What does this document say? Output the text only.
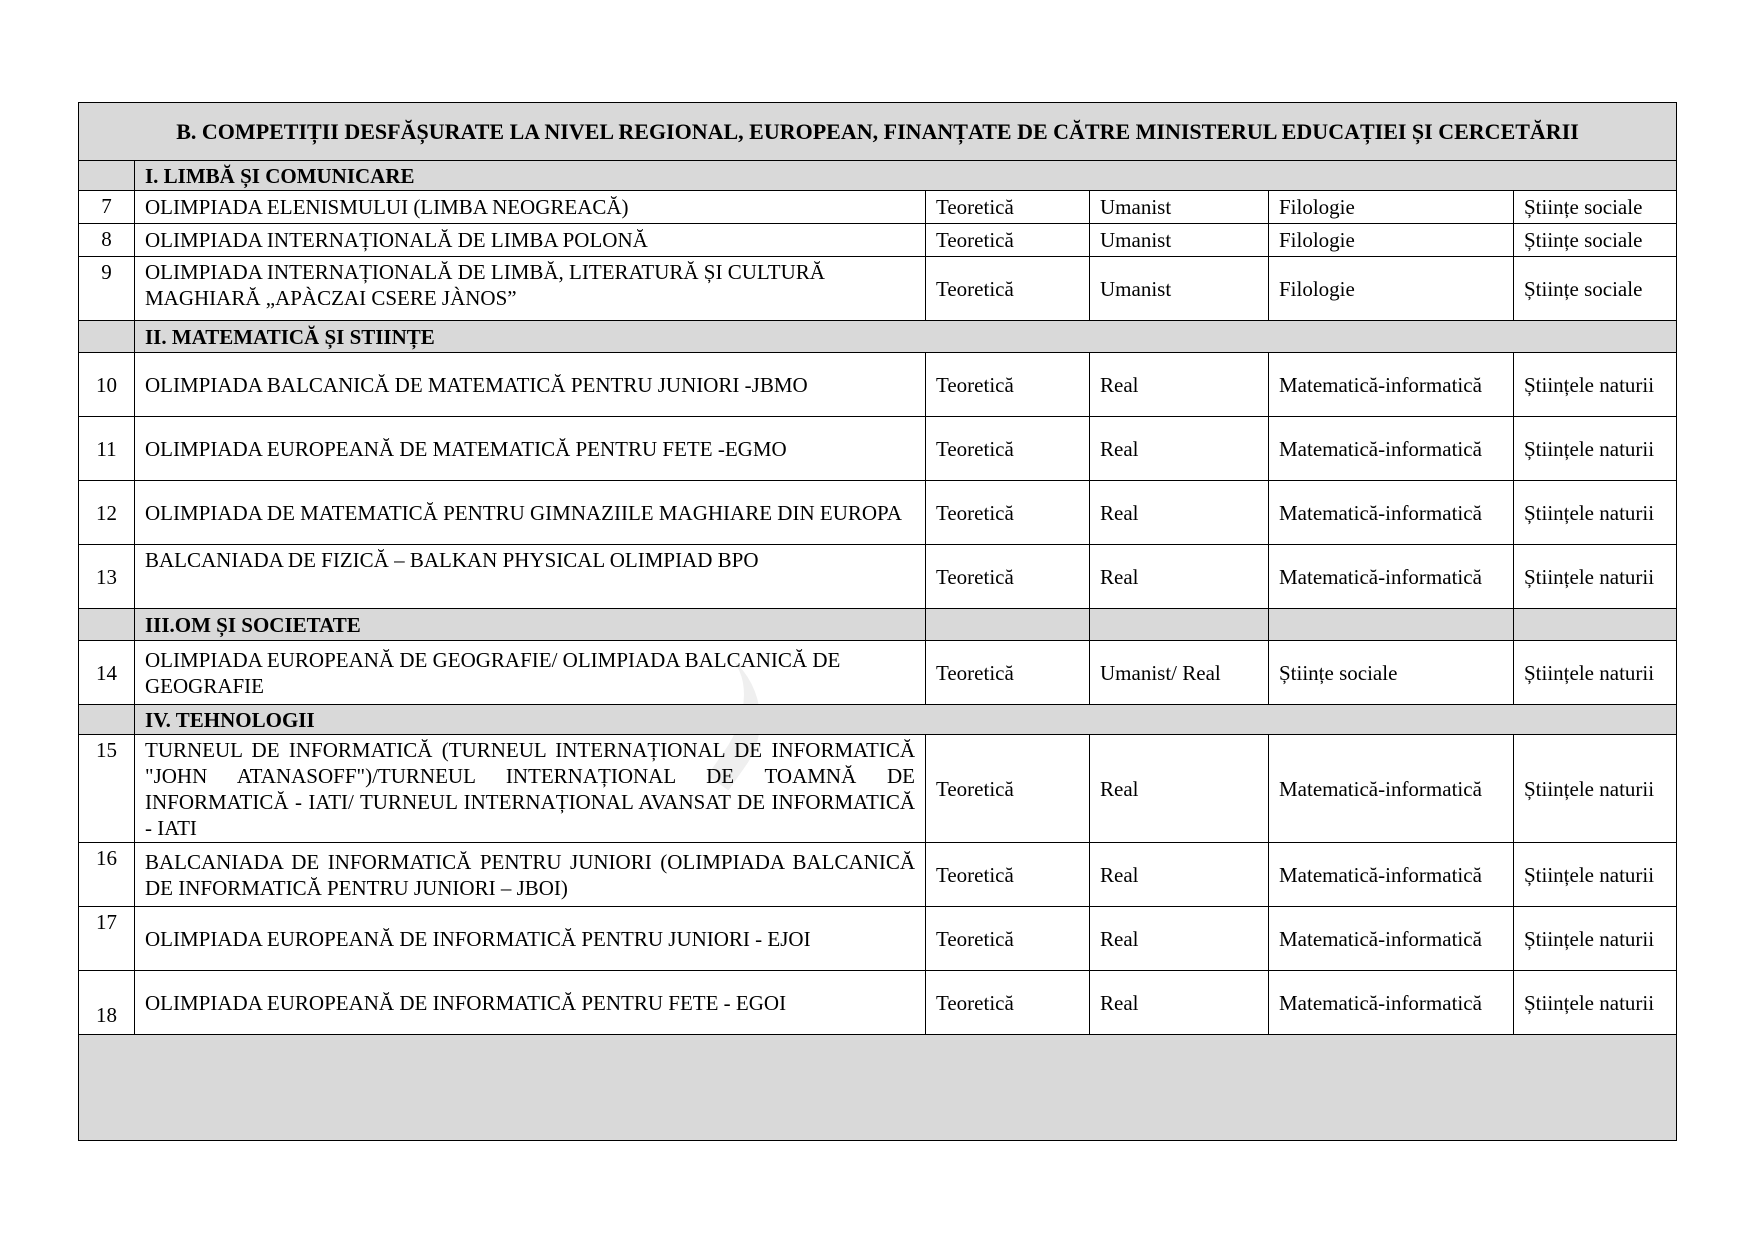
B. COMPETIȚII DESFĂȘURATE LA NIVEL REGIONAL, EUROPEAN, FINANȚATE DE CĂTRE MINISTERUL EDUCAȚIEI ȘI CERCETĂRII					
	I. LIMBĂ ȘI COMUNICARE				
7	OLIMPIADA ELENISMULUI (LIMBA NEOGREACĂ)	Teoretică	Umanist	Filologie	Științe sociale
8	OLIMPIADA INTERNAȚIONALĂ DE LIMBA POLONĂ	Teoretică	Umanist	Filologie	Științe sociale
9	OLIMPIADA INTERNAȚIONALĂ DE LIMBĂ, LITERATURĂ ȘI CULTURĂ MAGHIARĂ „APÀCZAI CSERE JÀNOS”	Teoretică	Umanist	Filologie	Științe sociale
	II. MATEMATICĂ ȘI STIINȚE				
10	OLIMPIADA BALCANICĂ DE MATEMATICĂ PENTRU JUNIORI -JBMO	Teoretică	Real	Matematică-informatică	Științele naturii
11	OLIMPIADA EUROPEANĂ DE MATEMATICĂ PENTRU FETE -EGMO	Teoretică	Real	Matematică-informatică	Științele naturii
12	OLIMPIADA DE MATEMATICĂ PENTRU GIMNAZIILE MAGHIARE DIN EUROPA	Teoretică	Real	Matematică-informatică	Științele naturii
13	BALCANIADA DE FIZICĂ – BALKAN PHYSICAL OLIMPIAD BPO	Teoretică	Real	Matematică-informatică	Științele naturii
	III.OM ȘI SOCIETATE				
14	OLIMPIADA EUROPEANĂ DE GEOGRAFIE/ OLIMPIADA BALCANICĂ DE GEOGRAFIE	Teoretică	Umanist/ Real	Științe sociale	Științele naturii
	IV. TEHNOLOGII				
15	TURNEUL DE INFORMATICĂ (TURNEUL INTERNAȚIONAL DE INFORMATICĂ "JOHN ATANASOFF")/TURNEUL INTERNAȚIONAL DE TOAMNĂ DE INFORMATICĂ - IATI/ TURNEUL INTERNAȚIONAL AVANSAT DE INFORMATICĂ - IATI	Teoretică	Real	Matematică-informatică	Științele naturii
16	BALCANIADA DE INFORMATICĂ PENTRU JUNIORI (OLIMPIADA BALCANICĂ DE INFORMATICĂ PENTRU JUNIORI – JBOI)	Teoretică	Real	Matematică-informatică	Științele naturii
17	OLIMPIADA EUROPEANĂ DE INFORMATICĂ PENTRU JUNIORI - EJOI	Teoretică	Real	Matematică-informatică	Științele naturii
18	OLIMPIADA EUROPEANĂ DE INFORMATICĂ PENTRU FETE - EGOI	Teoretică	Real	Matematică-informatică	Științele naturii
